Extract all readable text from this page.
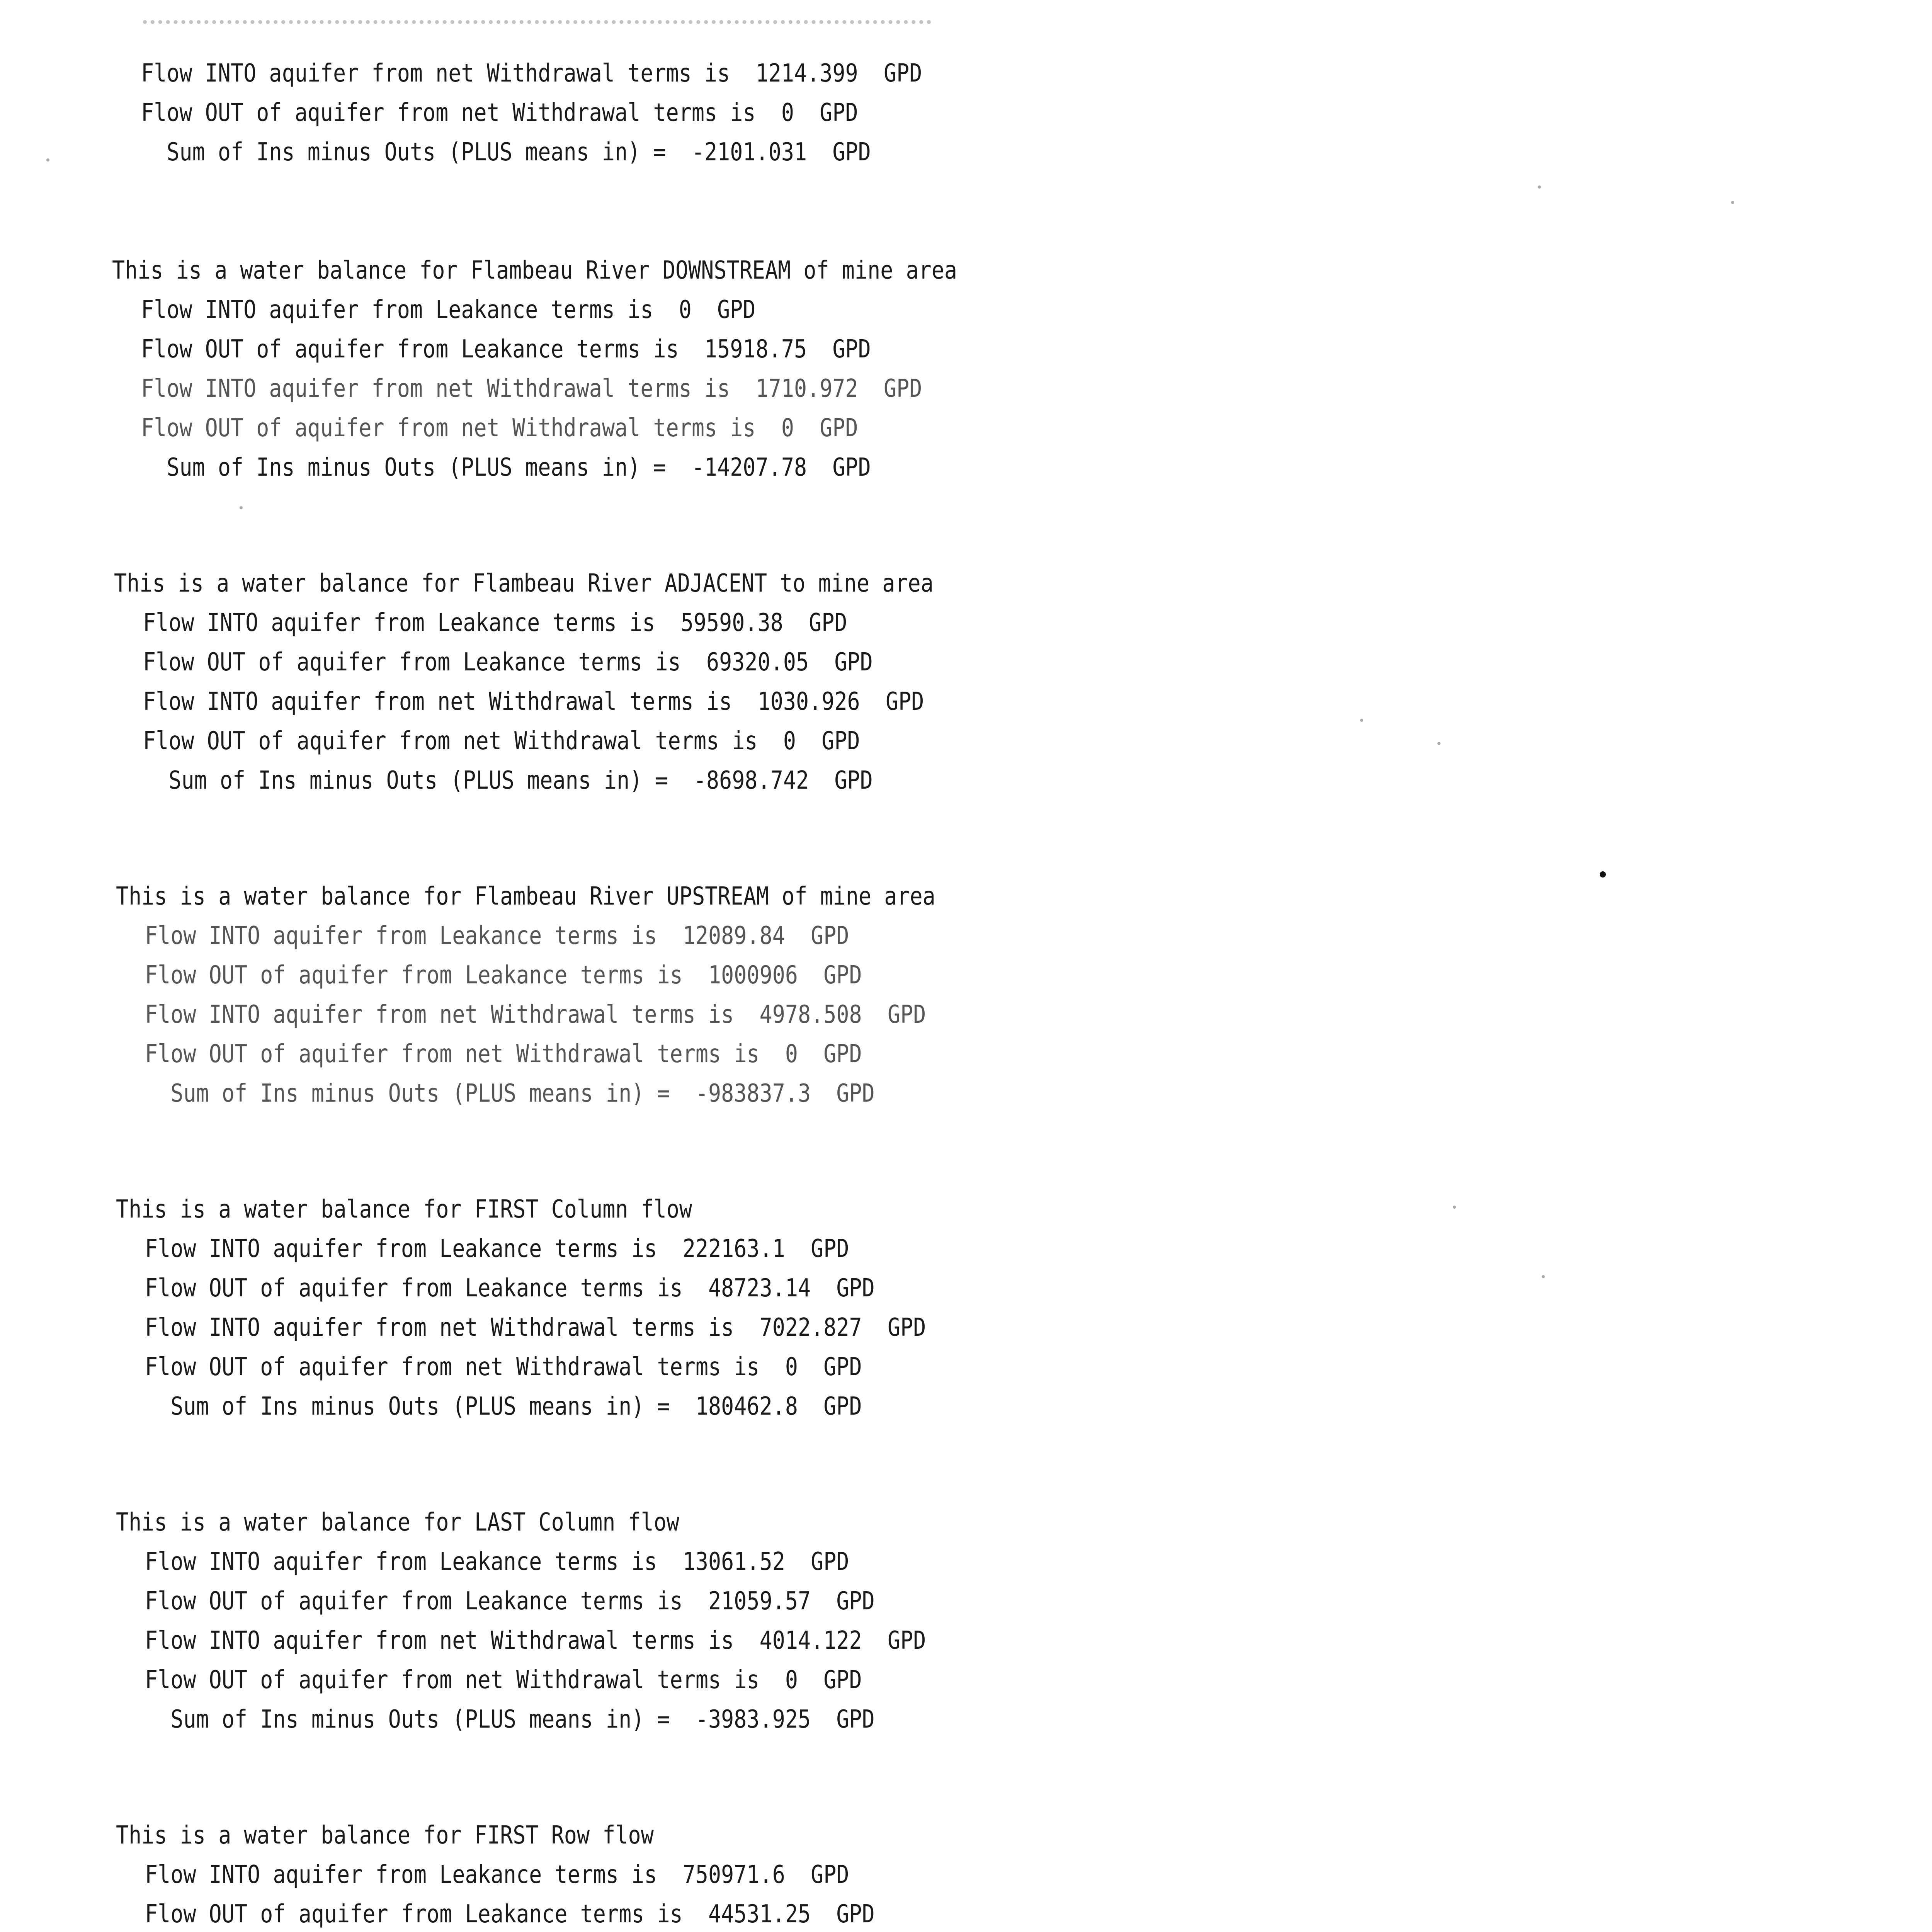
Flow INTO aquifer from net Withdrawal terms is  1214.399  GPD
Flow OUT of aquifer from net Withdrawal terms is  0  GPD
Sum of Ins minus Outs (PLUS means in) =  -2101.031  GPD
This is a water balance for Flambeau River DOWNSTREAM of mine area
Flow INTO aquifer from Leakance terms is  0  GPD
Flow OUT of aquifer from Leakance terms is  15918.75  GPD
Flow INTO aquifer from net Withdrawal terms is  1710.972  GPD
Flow OUT of aquifer from net Withdrawal terms is  0  GPD
Sum of Ins minus Outs (PLUS means in) =  -14207.78  GPD
This is a water balance for Flambeau River ADJACENT to mine area
Flow INTO aquifer from Leakance terms is  59590.38  GPD
Flow OUT of aquifer from Leakance terms is  69320.05  GPD
Flow INTO aquifer from net Withdrawal terms is  1030.926  GPD
Flow OUT of aquifer from net Withdrawal terms is  0  GPD
Sum of Ins minus Outs (PLUS means in) =  -8698.742  GPD
This is a water balance for Flambeau River UPSTREAM of mine area
Flow INTO aquifer from Leakance terms is  12089.84  GPD
Flow OUT of aquifer from Leakance terms is  1000906  GPD
Flow INTO aquifer from net Withdrawal terms is  4978.508  GPD
Flow OUT of aquifer from net Withdrawal terms is  0  GPD
Sum of Ins minus Outs (PLUS means in) =  -983837.3  GPD
This is a water balance for FIRST Column flow
Flow INTO aquifer from Leakance terms is  222163.1  GPD
Flow OUT of aquifer from Leakance terms is  48723.14  GPD
Flow INTO aquifer from net Withdrawal terms is  7022.827  GPD
Flow OUT of aquifer from net Withdrawal terms is  0  GPD
Sum of Ins minus Outs (PLUS means in) =  180462.8  GPD
This is a water balance for LAST Column flow
Flow INTO aquifer from Leakance terms is  13061.52  GPD
Flow OUT of aquifer from Leakance terms is  21059.57  GPD
Flow INTO aquifer from net Withdrawal terms is  4014.122  GPD
Flow OUT of aquifer from net Withdrawal terms is  0  GPD
Sum of Ins minus Outs (PLUS means in) =  -3983.925  GPD
This is a water balance for FIRST Row flow
Flow INTO aquifer from Leakance terms is  750971.6  GPD
Flow OUT of aquifer from Leakance terms is  44531.25  GPD
